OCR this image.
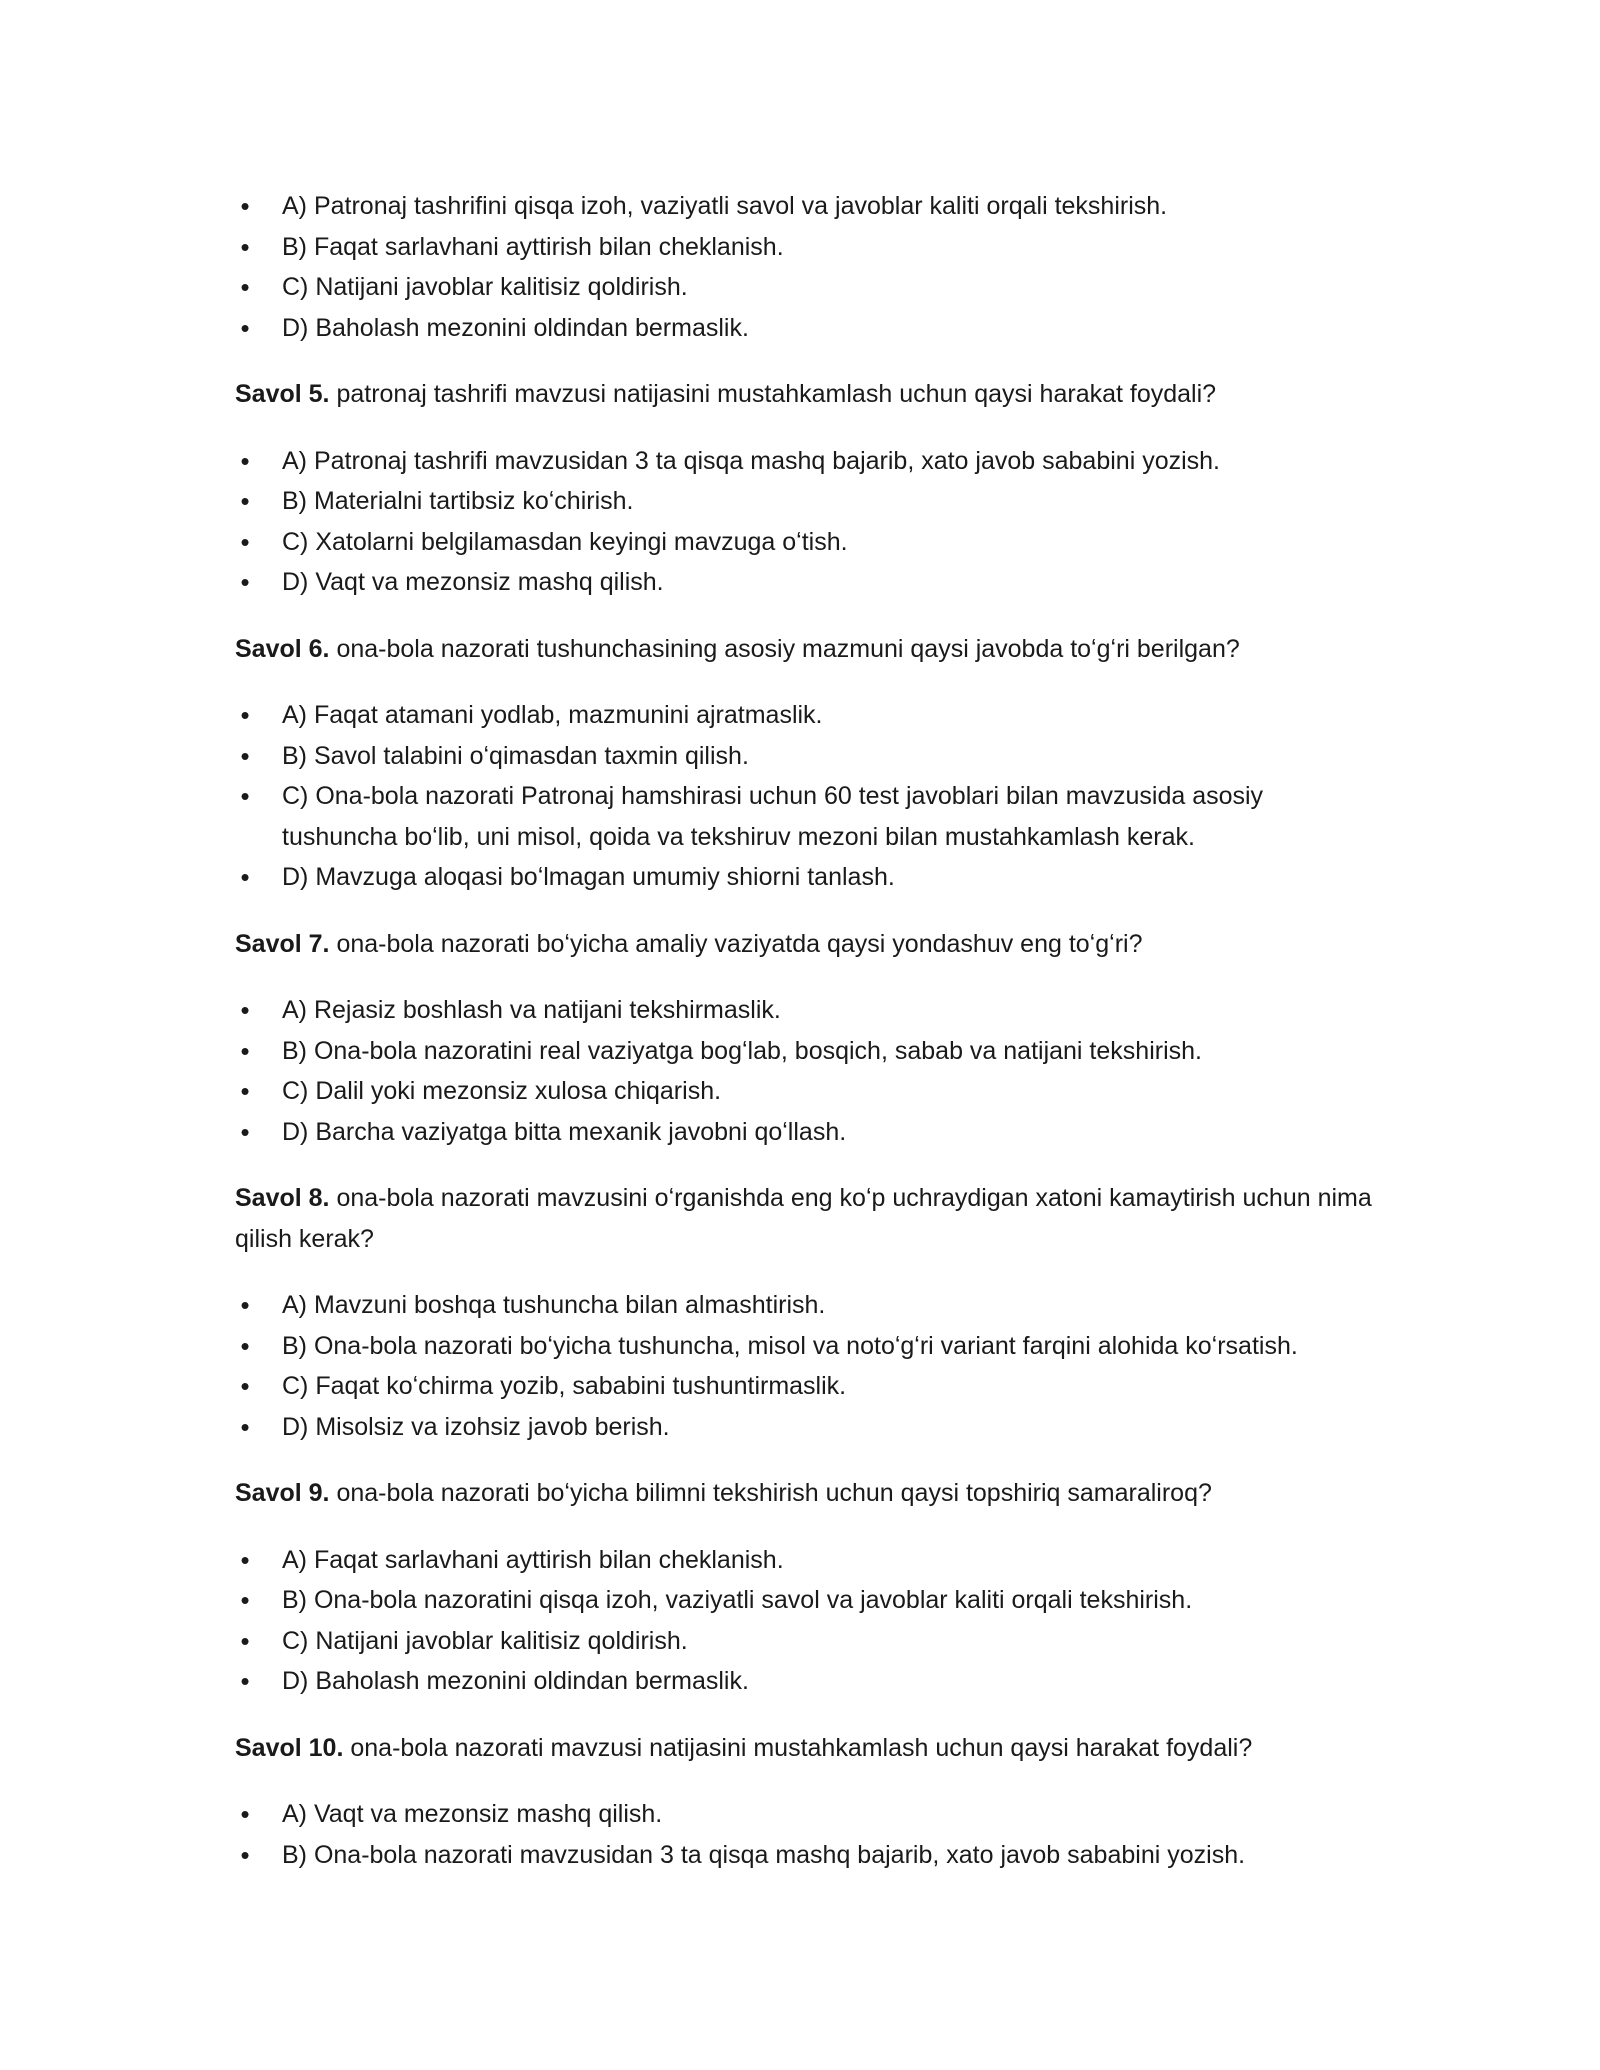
• A) Patronaj tashrifini qisqa izoh, vaziyatli savol va javoblar kaliti orqali tekshirish.
• B) Faqat sarlavhani ayttirish bilan cheklanish.
• C) Natijani javoblar kalitisiz qoldirish.
• D) Baholash mezonini oldindan bermaslik.

Savol 5. patronaj tashrifi mavzusi natijasini mustahkamlash uchun qaysi harakat foydali?

• A) Patronaj tashrifi mavzusidan 3 ta qisqa mashq bajarib, xato javob sababini yozish.
• B) Materialni tartibsiz koʻchirish.
• C) Xatolarni belgilamasdan keyingi mavzuga oʻtish.
• D) Vaqt va mezonsiz mashq qilish.

Savol 6. ona-bola nazorati tushunchasining asosiy mazmuni qaysi javobda toʻgʻri berilgan?

• A) Faqat atamani yodlab, mazmunini ajratmaslik.
• B) Savol talabini oʻqimasdan taxmin qilish.
• C) Ona-bola nazorati Patronaj hamshirasi uchun 60 test javoblari bilan mavzusida asosiy tushuncha boʻlib, uni misol, qoida va tekshiruv mezoni bilan mustahkamlash kerak.
• D) Mavzuga aloqasi boʻlmagan umumiy shiorni tanlash.

Savol 7. ona-bola nazorati boʻyicha amaliy vaziyatda qaysi yondashuv eng toʻgʻri?

• A) Rejasiz boshlash va natijani tekshirmaslik.
• B) Ona-bola nazoratini real vaziyatga bogʻlab, bosqich, sabab va natijani tekshirish.
• C) Dalil yoki mezonsiz xulosa chiqarish.
• D) Barcha vaziyatga bitta mexanik javobni qoʻllash.

Savol 8. ona-bola nazorati mavzusini oʻrganishda eng koʻp uchraydigan xatoni kamaytirish uchun nima qilish kerak?

• A) Mavzuni boshqa tushuncha bilan almashtirish.
• B) Ona-bola nazorati boʻyicha tushuncha, misol va notoʻgʻri variant farqini alohida koʻrsatish.
• C) Faqat koʻchirma yozib, sababini tushuntirmaslik.
• D) Misolsiz va izohsiz javob berish.

Savol 9. ona-bola nazorati boʻyicha bilimni tekshirish uchun qaysi topshiriq samaraliroq?

• A) Faqat sarlavhani ayttirish bilan cheklanish.
• B) Ona-bola nazoratini qisqa izoh, vaziyatli savol va javoblar kaliti orqali tekshirish.
• C) Natijani javoblar kalitisiz qoldirish.
• D) Baholash mezonini oldindan bermaslik.

Savol 10. ona-bola nazorati mavzusi natijasini mustahkamlash uchun qaysi harakat foydali?

• A) Vaqt va mezonsiz mashq qilish.
• B) Ona-bola nazorati mavzusidan 3 ta qisqa mashq bajarib, xato javob sababini yozish.
